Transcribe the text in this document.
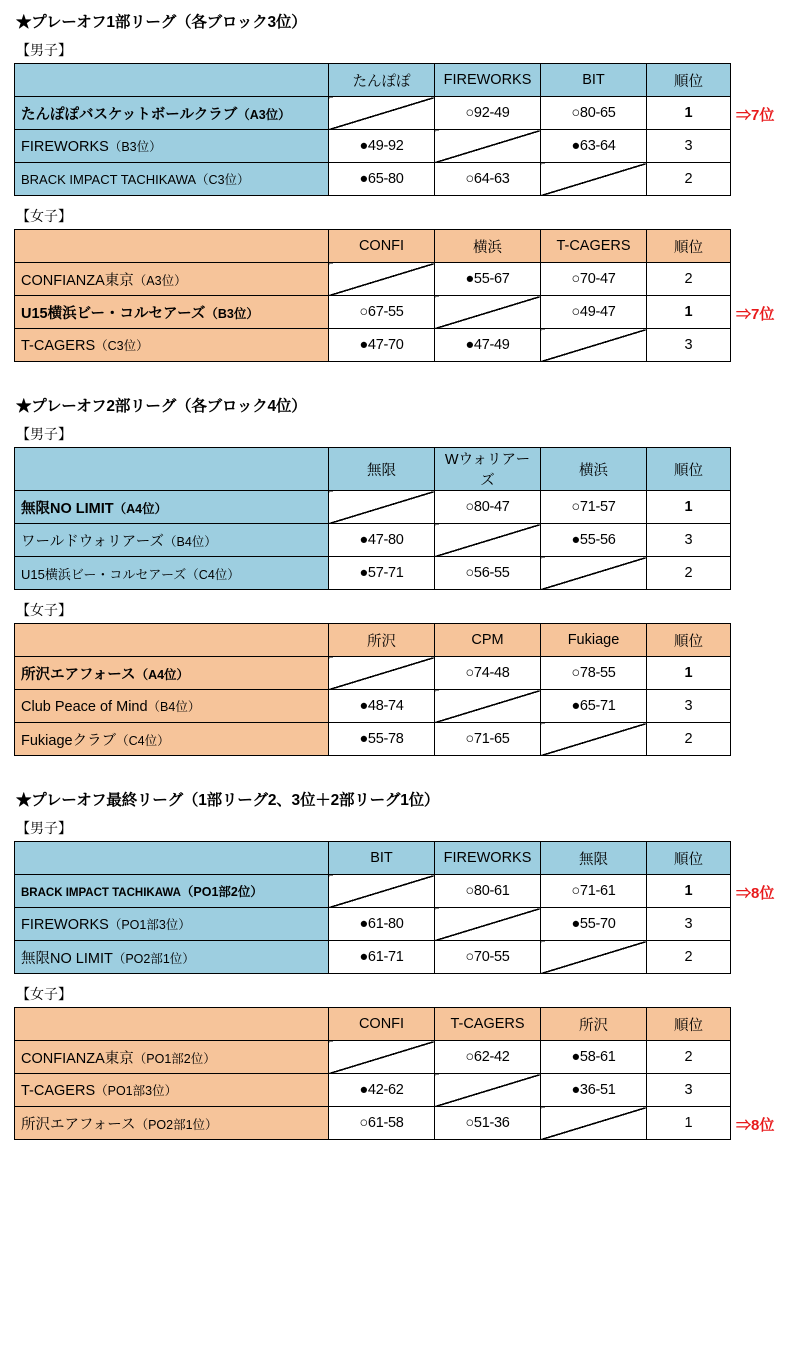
★プレーオフ1部リーグ（各ブロック3位）
【男子】
	たんぽぽ	FIREWORKS	BIT	順位
たんぽぽバスケットボールクラブ（A3位）		○92-49	○80-65	1
FIREWORKS（B3位）	●49-92		●63-64	3
BRACK IMPACT TACHIKAWA（C3位）	●65-80	○64-63		2
⇒7位
【女子】
	CONFI	横浜	T-CAGERS	順位
CONFIANZA東京（A3位）		●55-67	○70-47	2
U15横浜ビー・コルセアーズ（B3位）	○67-55		○49-47	1
T-CAGERS（C3位）	●47-70	●47-49		3
⇒7位
★プレーオフ2部リーグ（各ブロック4位）
【男子】
	無限	Wウォリアーズ	横浜	順位
無限NO LIMIT（A4位）		○80-47	○71-57	1
ワールドウォリアーズ（B4位）	●47-80		●55-56	3
U15横浜ビー・コルセアーズ（C4位）	●57-71	○56-55		2
【女子】
	所沢	CPM	Fukiage	順位
所沢エアフォース（A4位）		○74-48	○78-55	1
Club Peace of Mind（B4位）	●48-74		●65-71	3
Fukiageクラブ（C4位）	●55-78	○71-65		2
★プレーオフ最終リーグ（1部リーグ2、3位＋2部リーグ1位）
【男子】
	BIT	FIREWORKS	無限	順位
BRACK IMPACT TACHIKAWA（PO1部2位）		○80-61	○71-61	1
FIREWORKS（PO1部3位）	●61-80		●55-70	3
無限NO LIMIT（PO2部1位）	●61-71	○70-55		2
⇒8位
【女子】
	CONFI	T-CAGERS	所沢	順位
CONFIANZA東京（PO1部2位）		○62-42	●58-61	2
T-CAGERS（PO1部3位）	●42-62		●36-51	3
所沢エアフォース（PO2部1位）	○61-58	○51-36		1	⇒8位
